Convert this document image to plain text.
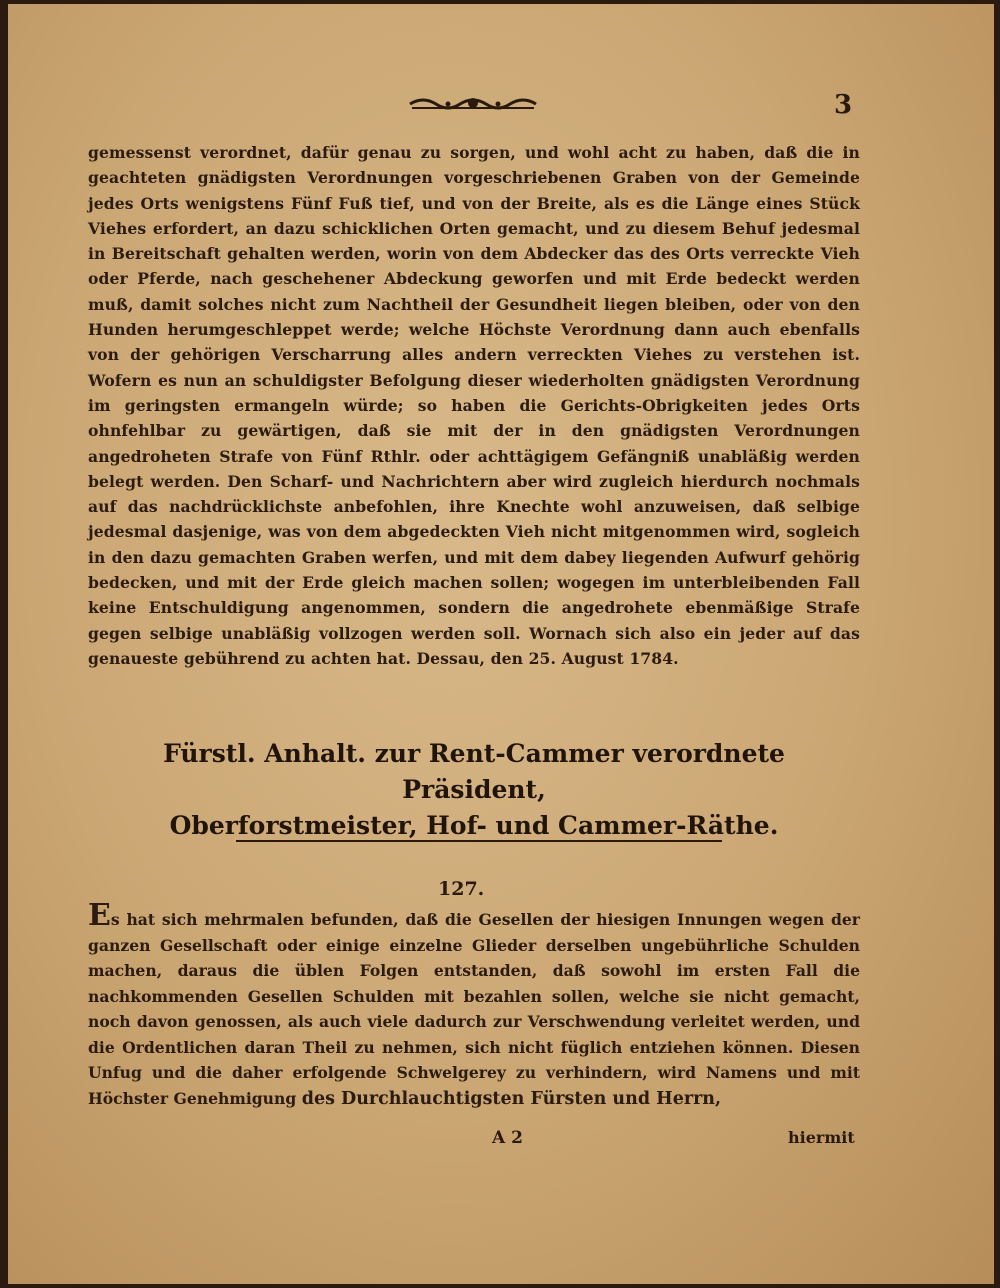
3

gemessenst verordnet, dafür genau zu sorgen, und wohl acht zu haben, daß die in geachteten gnädigsten Verordnungen vorgeschriebenen Graben von der Gemeinde jedes Orts wenigstens Fünf Fuß tief, und von der Breite, als es die Länge eines Stück Viehes erfordert, an dazu schicklichen Orten gemacht, und zu diesem Behuf jedesmal in Bereitschaft gehalten werden, worin von dem Abdecker das des Orts verreckte Vieh oder Pferde, nach geschehener Abdeckung geworfen und mit Erde bedeckt werden muß, damit solches nicht zum Nachtheil der Gesundheit liegen bleiben, oder von den Hunden herumgeschleppet werde; welche Höchste Verordnung dann auch ebenfalls von der gehörigen Verscharrung alles andern verreckten Viehes zu verstehen ist. Wofern es nun an schuldigster Befolgung dieser wiederholten gnädigsten Verordnung im geringsten ermangeln würde; so haben die Gerichts-Obrigkeiten jedes Orts ohnfehlbar zu gewärtigen, daß sie mit der in den gnädigsten Verordnungen angedroheten Strafe von Fünf Rthlr. oder achttägigem Gefängniß unabläßig werden belegt werden. Den Scharf- und Nachrichtern aber wird zugleich hierdurch nochmals auf das nachdrücklichste anbefohlen, ihre Knechte wohl anzuweisen, daß selbige jedesmal dasjenige, was von dem abgedeckten Vieh nicht mitgenommen wird, sogleich in den dazu gemachten Graben werfen, und mit dem dabey liegenden Aufwurf gehörig bedecken, und mit der Erde gleich machen sollen; wogegen im unterbleibenden Fall keine Entschuldigung angenommen, sondern die angedrohete ebenmäßige Strafe gegen selbige unabläßig vollzogen werden soll. Wornach sich also ein jeder auf das genaueste gebührend zu achten hat. Dessau, den 25. August 1784.

Fürstl. Anhalt. zur Rent-Cammer verordnete Präsident,
Oberforstmeister, Hof- und Cammer-Räthe.
127.

Es hat sich mehrmalen befunden, daß die Gesellen der hiesigen Innungen wegen der ganzen Gesellschaft oder einige einzelne Glieder derselben ungebührliche Schulden machen, daraus die üblen Folgen entstanden, daß sowohl im ersten Fall die nachkommenden Gesellen Schulden mit bezahlen sollen, welche sie nicht gemacht, noch davon genossen, als auch viele dadurch zur Verschwendung verleitet werden, und die Ordentlichen daran Theil zu nehmen, sich nicht füglich entziehen können. Diesen Unfug und die daher erfolgende Schwelgerey zu verhindern, wird Namens und mit Höchster Genehmigung des Durchlauchtigsten Fürsten und Herrn,

A 2	hiermit
